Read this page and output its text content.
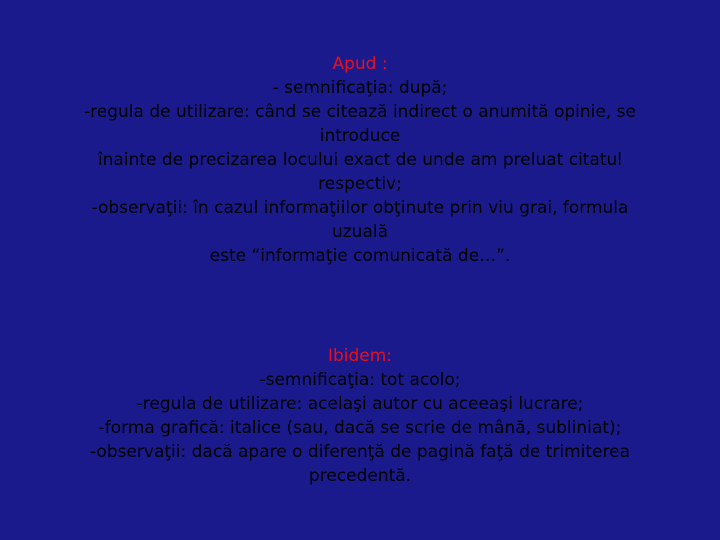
Apud :

- semnificaţia: după;

-regula de utilizare: când se citează indirect o anumită opinie, se

introduce

înainte de precizarea locului exact de unde am preluat citatul

respectiv;

-observaţii: în cazul informaţiilor obţinute prin viu grai, formula

uzuală

este “informaţie comunicată de…”.

Ibidem:

-semnificaţia: tot acolo;

-regula de utilizare: acelaşi autor cu aceeaşi lucrare;

-forma grafică: italice (sau, dacă se scrie de mână, subliniat);

-observaţii: dacă apare o diferenţă de pagină faţă de trimiterea

precedentă.
